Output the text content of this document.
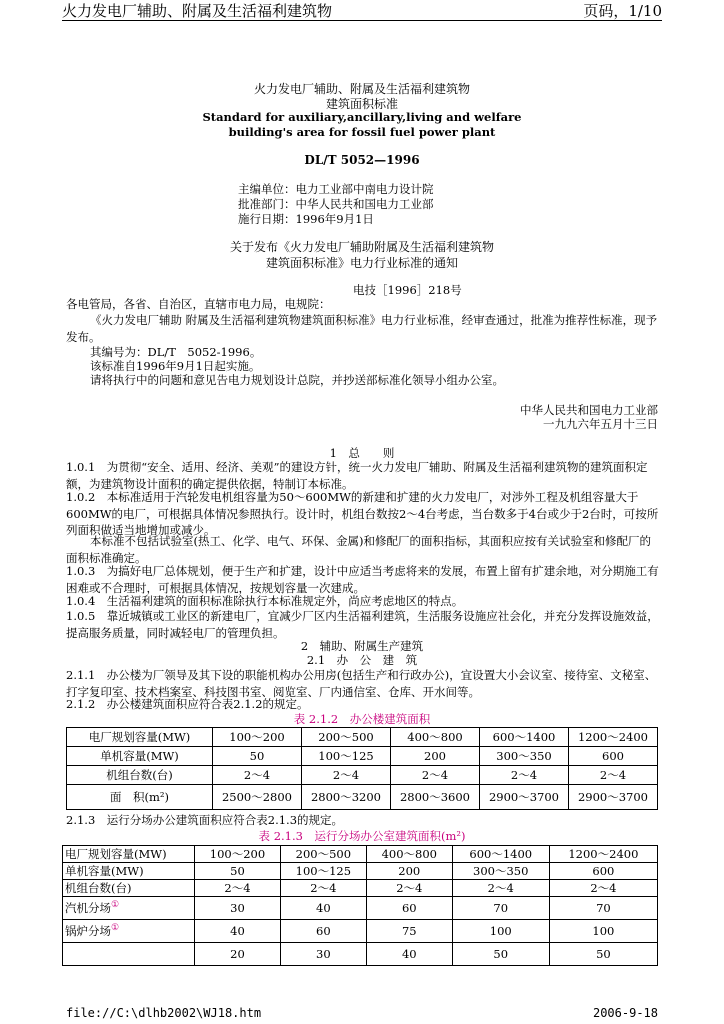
火力发电厂辅助、附属及生活福利建筑物	页码，1/10
火力发电厂辅助、附属及生活福利建筑物
建筑面积标准
Standard for auxiliary,ancillary,living and welfare
building's area for fossil fuel power plant
DL/T 5052—1996
主编单位：电力工业部中南电力设计院
批准部门：中华人民共和国电力工业部
施行日期：1996年9月1日
关于发布《火力发电厂辅助附属及生活福利建筑物
建筑面积标准》电力行业标准的通知
电技［1996］218号
各电管局，各省、自治区，直辖市电力局，电规院：
《火力发电厂辅助 附属及生活福利建筑物建筑面积标准》电力行业标准，经审查通过，批准为推荐性标准，现予发布。
其编号为：DL/T　5052-1996。
该标准自1996年9月1日起实施。
请将执行中的问题和意见告电力规划设计总院，并抄送部标准化领导小组办公室。
中华人民共和国电力工业部
一九九六年五月十三日
1　总　　则
1.0.1　为贯彻“安全、适用、经济、美观”的建设方针，统一火力发电厂辅助、附属及生活福利建筑物的建筑面积定额，为建筑物设计面积的确定提供依据，特制订本标准。
1.0.2　本标准适用于汽轮发电机组容量为50～600MW的新建和扩建的火力发电厂，对涉外工程及机组容量大于600MW的电厂，可根据具体情况参照执行。设计时，机组台数按2～4台考虑，当台数多于4台或少于2台时，可按所列面积做适当地增加或减少。
本标准不包括试验室(热工、化学、电气、环保、金属)和修配厂的面积指标，其面积应按有关试验室和修配厂的面积标准确定。
1.0.3　为搞好电厂总体规划，便于生产和扩建，设计中应适当考虑将来的发展，布置上留有扩建余地，对分期施工有困难或不合理时，可根据具体情况，按规划容量一次建成。
1.0.4　生活福利建筑的面积标准除执行本标准规定外，尚应考虑地区的特点。
1.0.5　靠近城镇或工业区的新建电厂，宜减少厂区内生活福利建筑，生活服务设施应社会化，并充分发挥设施效益，提高服务质量，同时减轻电厂的管理负担。
2　辅助、附属生产建筑
2.1　办　公　建　筑
2.1.1　办公楼为厂领导及其下设的职能机构办公用房(包括生产和行政办公)，宜设置大小会议室、接待室、文秘室、打字复印室、技术档案室、科技图书室、阅览室、厂内通信室、仓库、开水间等。
2.1.2　办公楼建筑面积应符合表2.1.2的规定。
表 2.1.2　办公楼建筑面积
电厂规划容量(MW)	100～200	200～500	400～800	600～1400	1200～2400
单机容量(MW)	50	100～125	200	300～350	600
机组台数(台)	2～4	2～4	2～4	2～4	2～4
面　积(m²)	2500～2800	2800～3200	2800～3600	2900～3700	2900～3700
2.1.3　运行分场办公建筑面积应符合表2.1.3的规定。
表 2.1.3　运行分场办公室建筑面积(m²)
电厂规划容量(MW)	100～200	200～500	400～800	600～1400	1200～2400
单机容量(MW)	50	100～125	200	300～350	600
机组台数(台)	2～4	2～4	2～4	2～4	2～4
汽机分场①	30	40	60	70	70
锅炉分场①	40	60	75	100	100
	20	30	40	50	50
file://C:\dlhb2002\WJ18.htm	2006-9-18
